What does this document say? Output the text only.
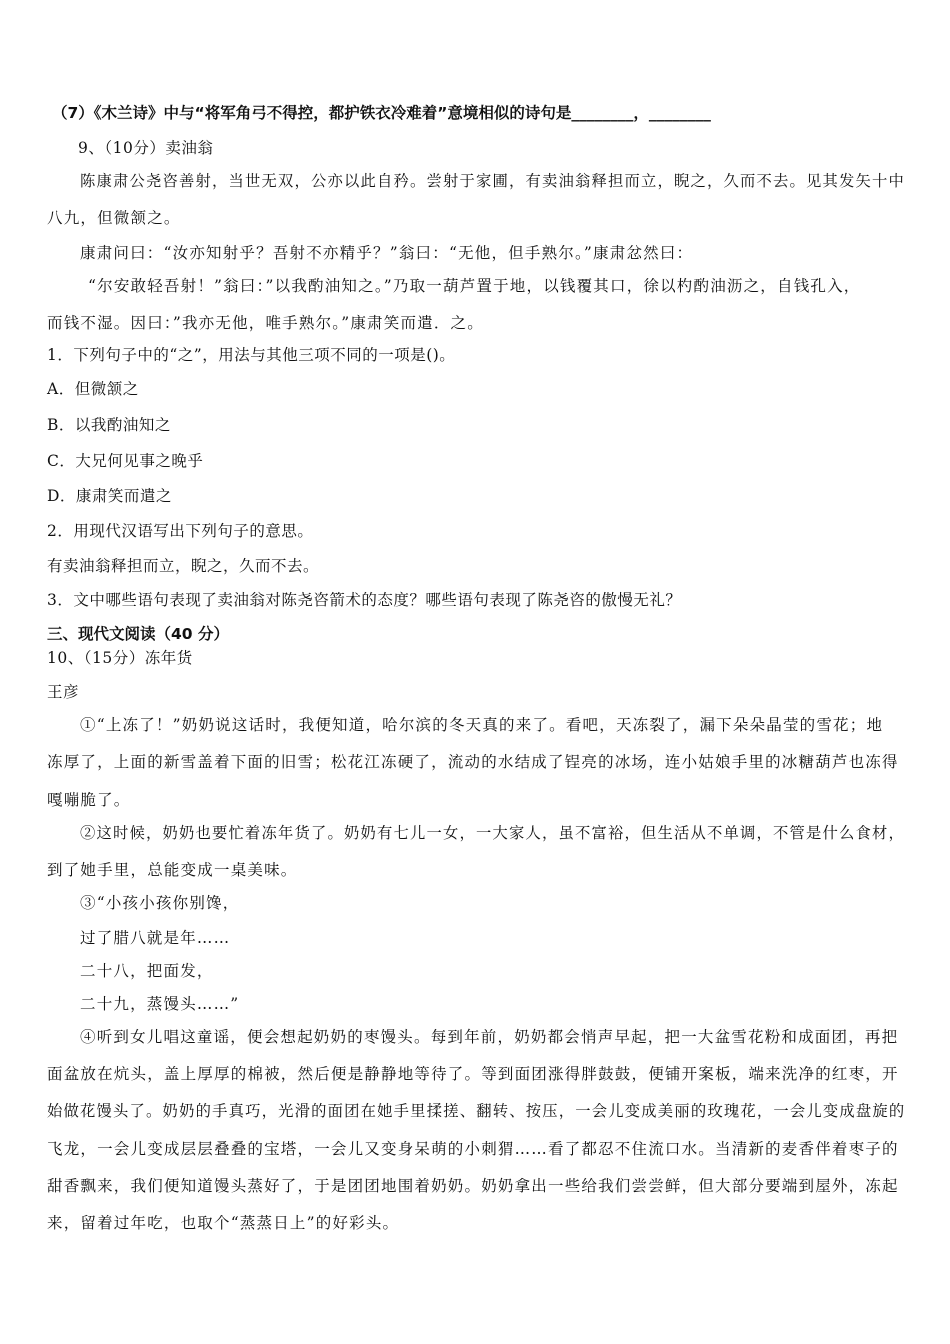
（7）《木兰诗》中与“将军角弓不得控，都护铁衣冷难着”意境相似的诗句是________，________
9、（10分）卖油翁
陈康肃公尧咨善射，当世无双，公亦以此自矜。尝射于家圃，有卖油翁释担而立，睨之，久而不去。见其发矢十中
八九，但微颔之。
康肃问曰：“汝亦知射乎？吾射不亦精乎？”翁曰：“无他，但手熟尔。”康肃忿然曰：
“尔安敢轻吾射！”翁曰：”以我酌油知之。”乃取一葫芦置于地，以钱覆其口，徐以杓酌油沥之，自钱孔入，
而钱不湿。因曰：”我亦无他，唯手熟尔。”康肃笑而遣．之。
1．下列句子中的“之”，用法与其他三项不同的一项是()。
A．但微颔之
B．以我酌油知之
C．大兄何见事之晚乎
D．康肃笑而遣之
2．用现代汉语写出下列句子的意思。
有卖油翁释担而立，睨之，久而不去。
3．文中哪些语句表现了卖油翁对陈尧咨箭术的态度？哪些语句表现了陈尧咨的傲慢无礼？
三、现代文阅读（40 分）
10、（15分）冻年货
王彦
①“上冻了！”奶奶说这话时，我便知道，哈尔滨的冬天真的来了。看吧，天冻裂了，漏下朵朵晶莹的雪花；地
冻厚了，上面的新雪盖着下面的旧雪；松花江冻硬了，流动的水结成了锃亮的冰场，连小姑娘手里的冰糖葫芦也冻得
嘎嘣脆了。
②这时候，奶奶也要忙着冻年货了。奶奶有七儿一女，一大家人，虽不富裕，但生活从不单调，不管是什么食材，
到了她手里，总能变成一桌美味。
③“小孩小孩你别馋，
过了腊八就是年……
二十八，把面发，
二十九，蒸馒头……”
④听到女儿唱这童谣，便会想起奶奶的枣馒头。每到年前，奶奶都会悄声早起，把一大盆雪花粉和成面团，再把
面盆放在炕头，盖上厚厚的棉被，然后便是静静地等待了。等到面团涨得胖鼓鼓，便铺开案板，端来洗净的红枣，开
始做花馒头了。奶奶的手真巧，光滑的面团在她手里揉搓、翻转、按压，一会儿变成美丽的玫瑰花，一会儿变成盘旋的
飞龙，一会儿变成层层叠叠的宝塔，一会儿又变身呆萌的小刺猬……看了都忍不住流口水。当清新的麦香伴着枣子的
甜香飘来，我们便知道馒头蒸好了，于是团团地围着奶奶。奶奶拿出一些给我们尝尝鲜，但大部分要端到屋外，冻起
来，留着过年吃，也取个“蒸蒸日上”的好彩头。
